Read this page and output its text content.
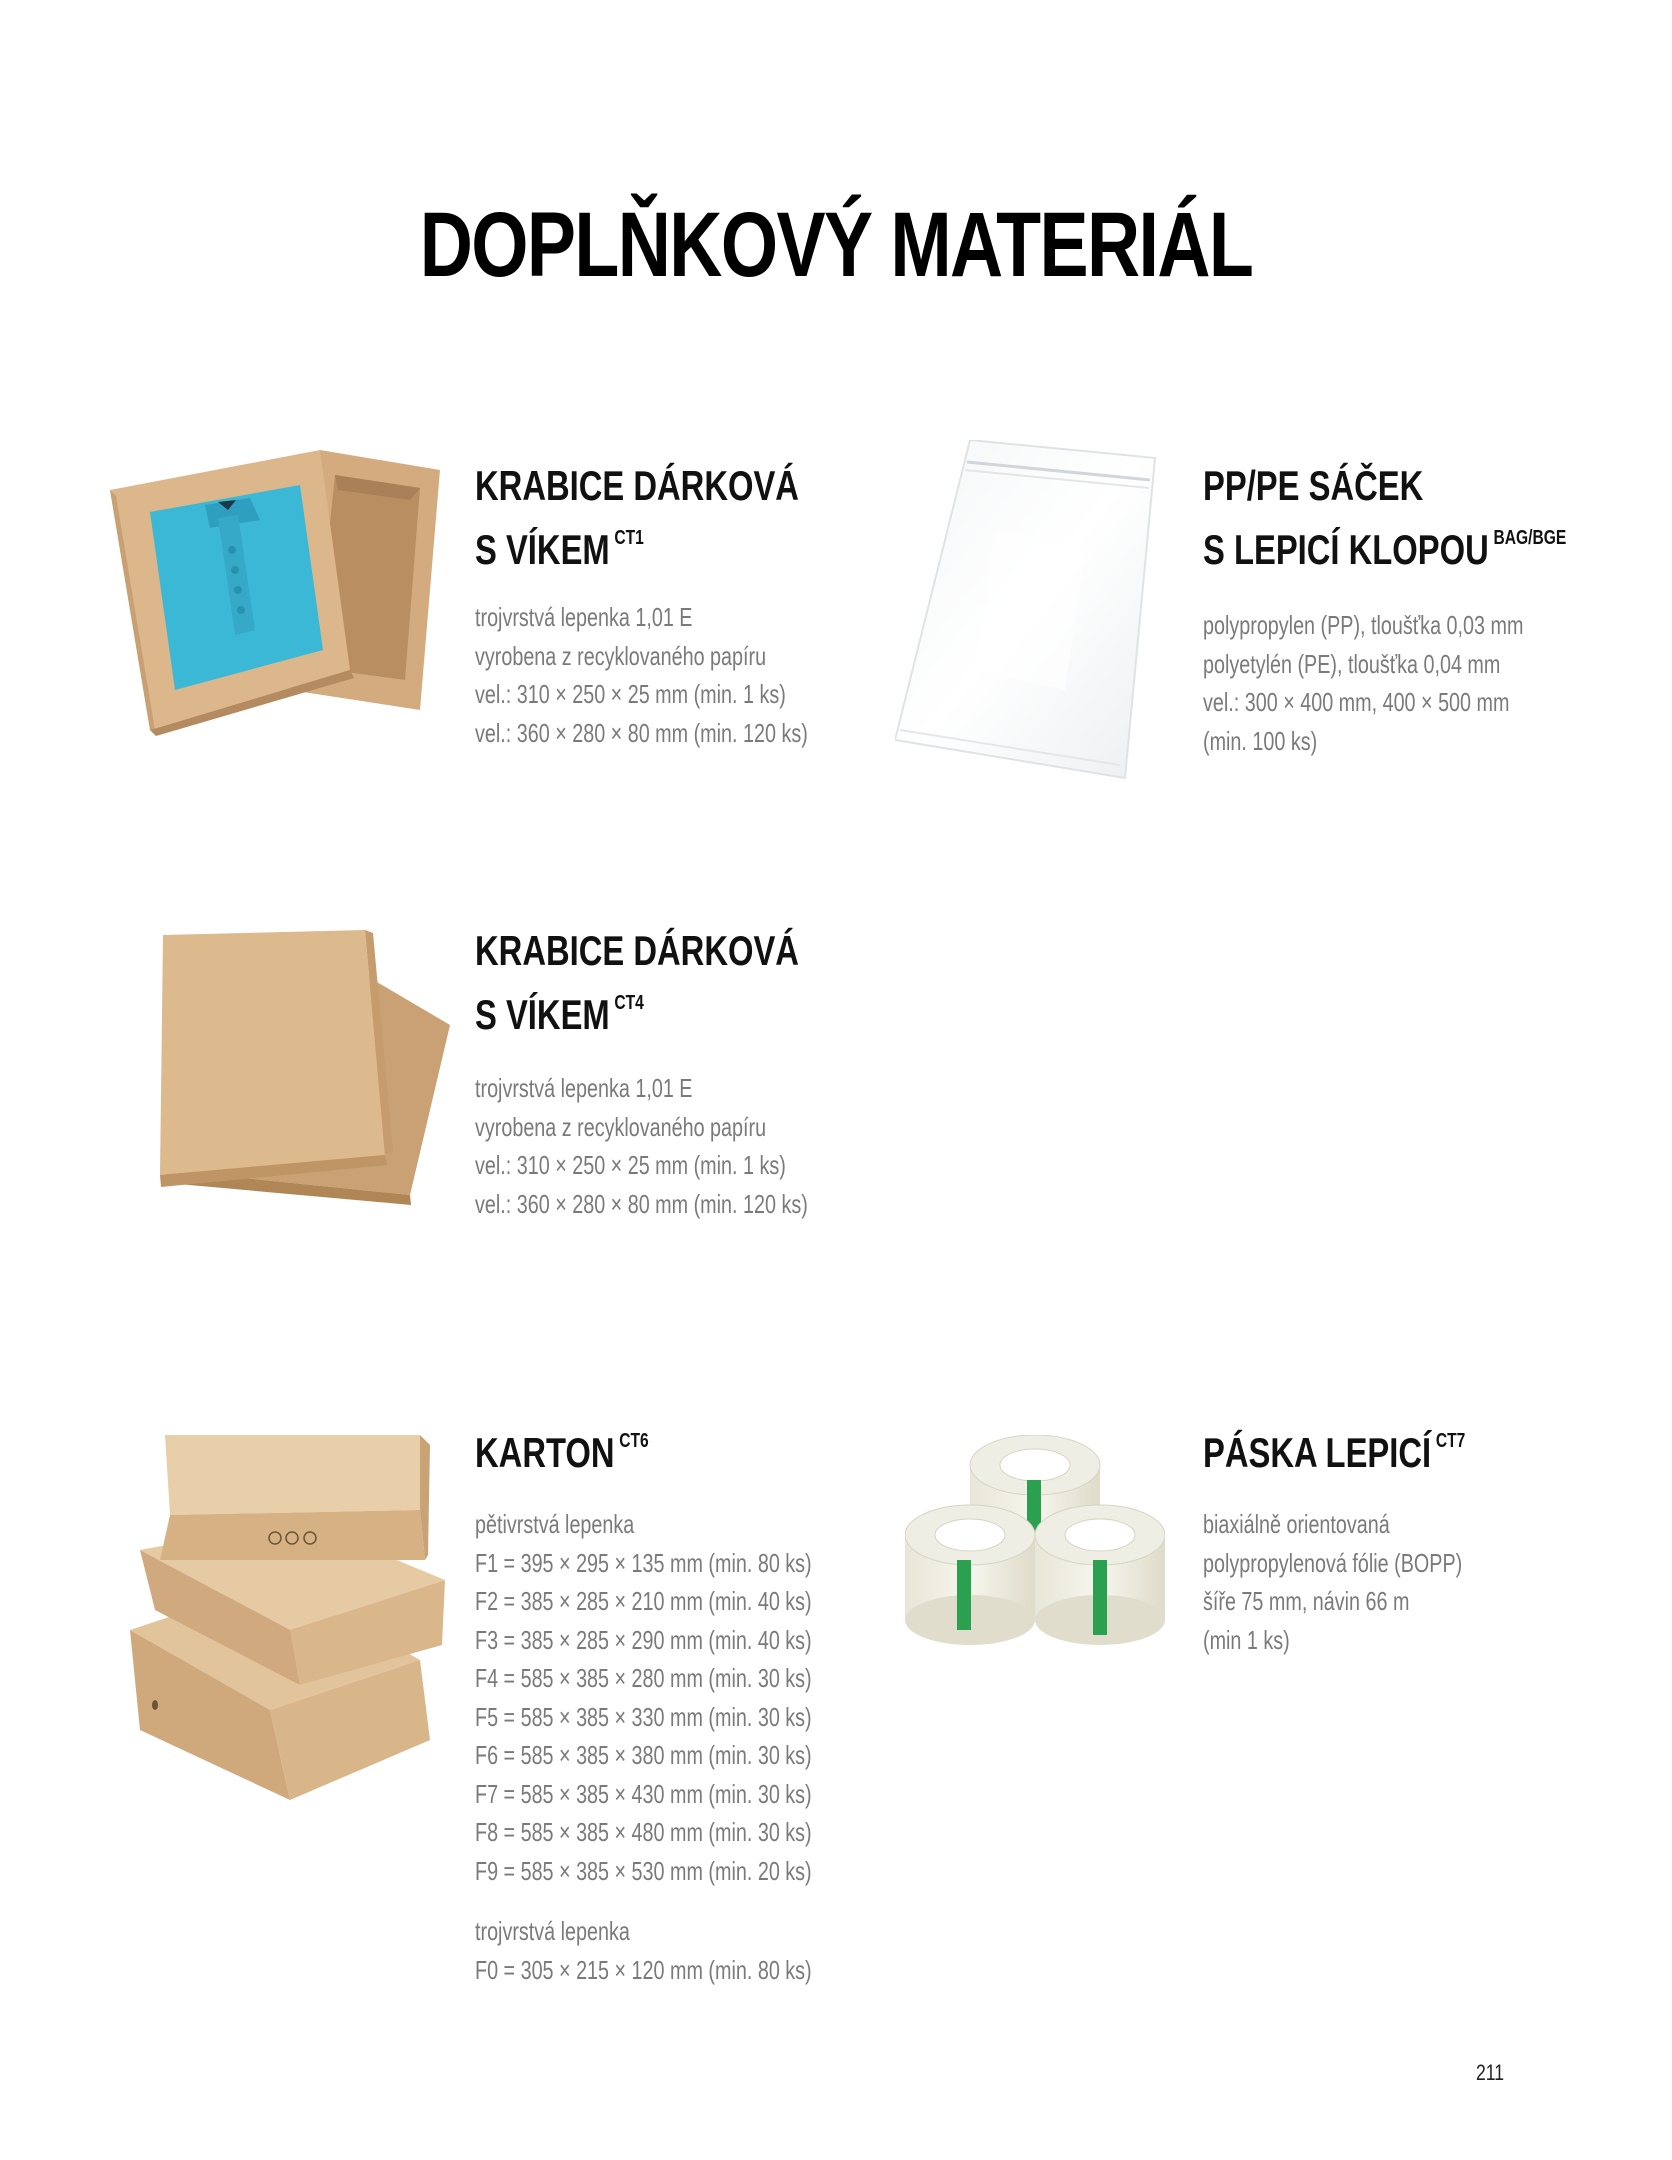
DOPLŇKOVÝ MATERIÁL
KRABICE DÁRKOVÁ
S VÍKEM $^{CT1}$
trojvrstvá lepenka 1,01 E
vyrobena z recyklovaného papíru
vel.: 310 × 250 × 25 mm (min. 1 ks)
vel.: 360 × 280 × 80 mm (min. 120 ks)
PP/PE SÁČEK
S LEPICÍ KLOPOU $^{BAG/BGE}$
polypropylen (PP), tloušťka 0,03 mm
polyetylén (PE), tloušťka 0,04 mm
vel.: 300 × 400 mm, 400 × 500 mm
(min. 100 ks)
KRABICE DÁRKOVÁ
S VÍKEM $^{CT4}$
trojvrstvá lepenka 1,01 E
vyrobena z recyklovaného papíru
vel.: 310 × 250 × 25 mm (min. 1 ks)
vel.: 360 × 280 × 80 mm (min. 120 ks)
KARTON $^{CT6}$
pětivrstvá lepenka
F1 = 395 × 295 × 135 mm (min. 80 ks)
F2 = 385 × 285 × 210 mm (min. 40 ks)
F3 = 385 × 285 × 290 mm (min. 40 ks)
F4 = 585 × 385 × 280 mm (min. 30 ks)
F5 = 585 × 385 × 330 mm (min. 30 ks)
F6 = 585 × 385 × 380 mm (min. 30 ks)
F7 = 585 × 385 × 430 mm (min. 30 ks)
F8 = 585 × 385 × 480 mm (min. 30 ks)
F9 = 585 × 385 × 530 mm (min. 20 ks)
trojvrstvá lepenka
F0 = 305 × 215 × 120 mm (min. 80 ks)
PÁSKA LEPICÍ $^{CT7}$
biaxiálně orientovaná
polypropylenová fólie (BOPP)
šíře 75 mm, návin 66 m
(min 1 ks)
211
